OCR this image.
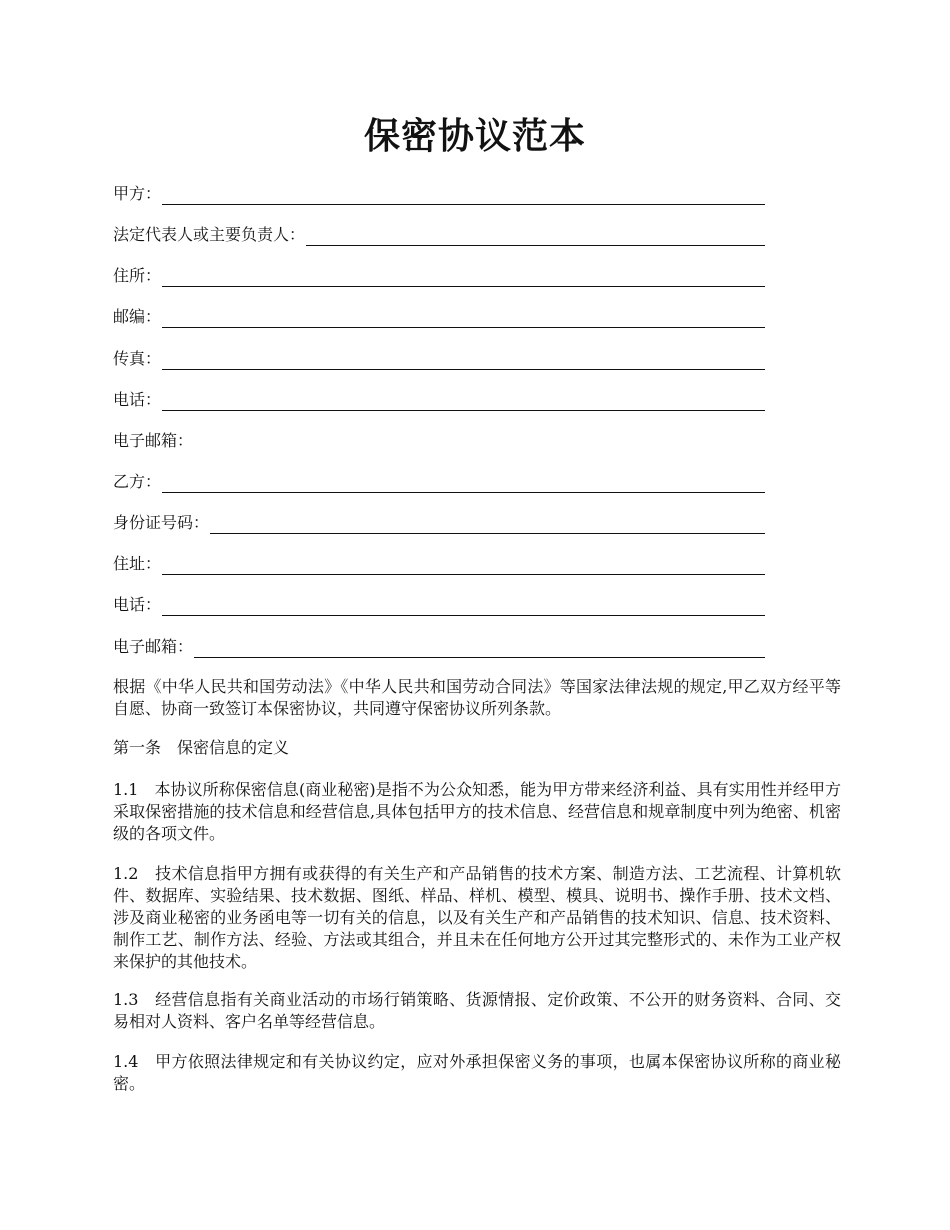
保密协议范本
甲方：
法定代表人或主要负责人：
住所：
邮编：
传真：
电话：
电子邮箱：
乙方：
身份证号码：
住址：
电话：
电子邮箱：

根据《中华人民共和国劳动法》《中华人民共和国劳动合同法》等国家法律法规的规定,甲乙双方经平等自愿、协商一致签订本保密协议，共同遵守保密协议所列条款。

第一条　保密信息的定义

1.1　本协议所称保密信息(商业秘密)是指不为公众知悉，能为甲方带来经济利益、具有实用性并经甲方采取保密措施的技术信息和经营信息,具体包括甲方的技术信息、经营信息和规章制度中列为绝密、机密级的各项文件。

1.2　技术信息指甲方拥有或获得的有关生产和产品销售的技术方案、制造方法、工艺流程、计算机软件、数据库、实验结果、技术数据、图纸、样品、样机、模型、模具、说明书、操作手册、技术文档、涉及商业秘密的业务函电等一切有关的信息，以及有关生产和产品销售的技术知识、信息、技术资料、制作工艺、制作方法、经验、方法或其组合，并且未在任何地方公开过其完整形式的、未作为工业产权来保护的其他技术。

1.3　经营信息指有关商业活动的市场行销策略、货源情报、定价政策、不公开的财务资料、合同、交易相对人资料、客户名单等经营信息。

1.4　甲方依照法律规定和有关协议约定，应对外承担保密义务的事项，也属本保密协议所称的商业秘密。
